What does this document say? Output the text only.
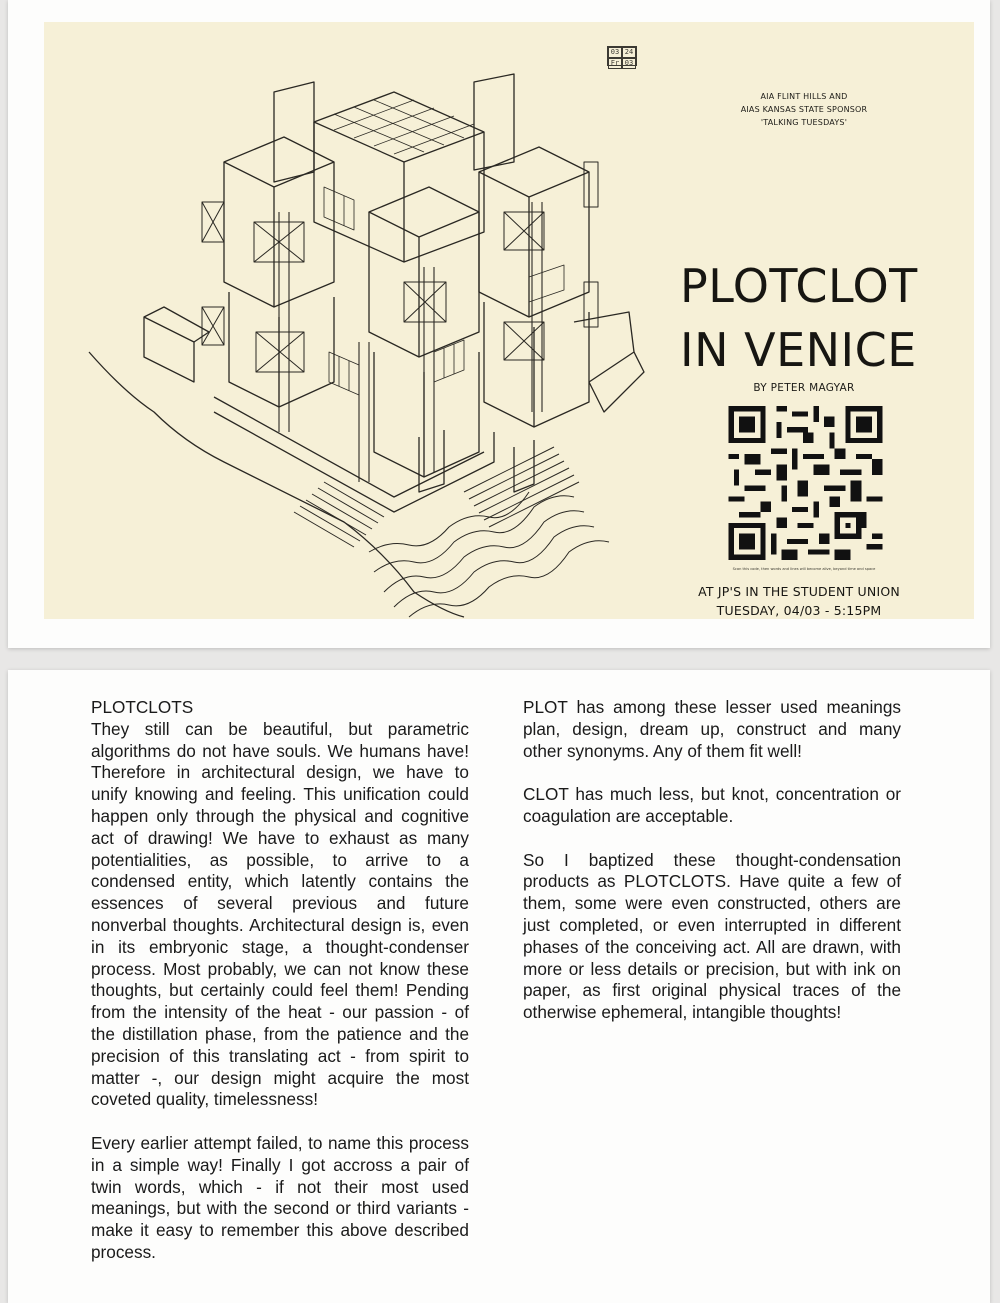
03 24
Fr 03
AIA FLINT HILLS AND
AIAS KANSAS STATE SPONSOR
'TALKING TUESDAYS'
PLOTCLOT
IN VENICE
BY PETER MAGYAR
Scan this code, then words and lines will become alive, beyond time and space
AT JP'S IN THE STUDENT UNION
TUESDAY, 04/03 - 5:15PM

PLOTCLOTS
They still can be beautiful, but parametric algorithms do not have souls. We humans have! Therefore in architectural design, we have to unify knowing and feeling. This unification could happen only through the physical and cognitive act of drawing! We have to exhaust as many potentialities, as possible, to arrive to a condensed entity, which latently contains the essences of several previous and future nonverbal thoughts. Architectural design is, even in its embryonic stage, a thought-condenser process. Most probably, we can not know these thoughts, but certainly could feel them! Pending from the intensity of the heat - our passion - of the distillation phase, from the patience and the precision of this translating act - from spirit to matter -, our design might acquire the most coveted quality, timelessness!

Every earlier attempt failed, to name this process in a simple way! Finally I got accross a pair of twin words, which - if not their most used meanings, but with the second or third variants - make it easy to remember this above described process.

PLOT has among these lesser used meanings plan, design, dream up, construct and many other synonyms. Any of them fit well!

CLOT has much less, but knot, concentration or coagulation are acceptable.

So I baptized these thought-condensation products as PLOTCLOTS. Have quite a few of them, some were even constructed, others are just completed, or even interrupted in different phases of the conceiving act. All are drawn, with more or less details or precision, but with ink on paper, as first original physical traces of the otherwise ephemeral, intangible thoughts!
